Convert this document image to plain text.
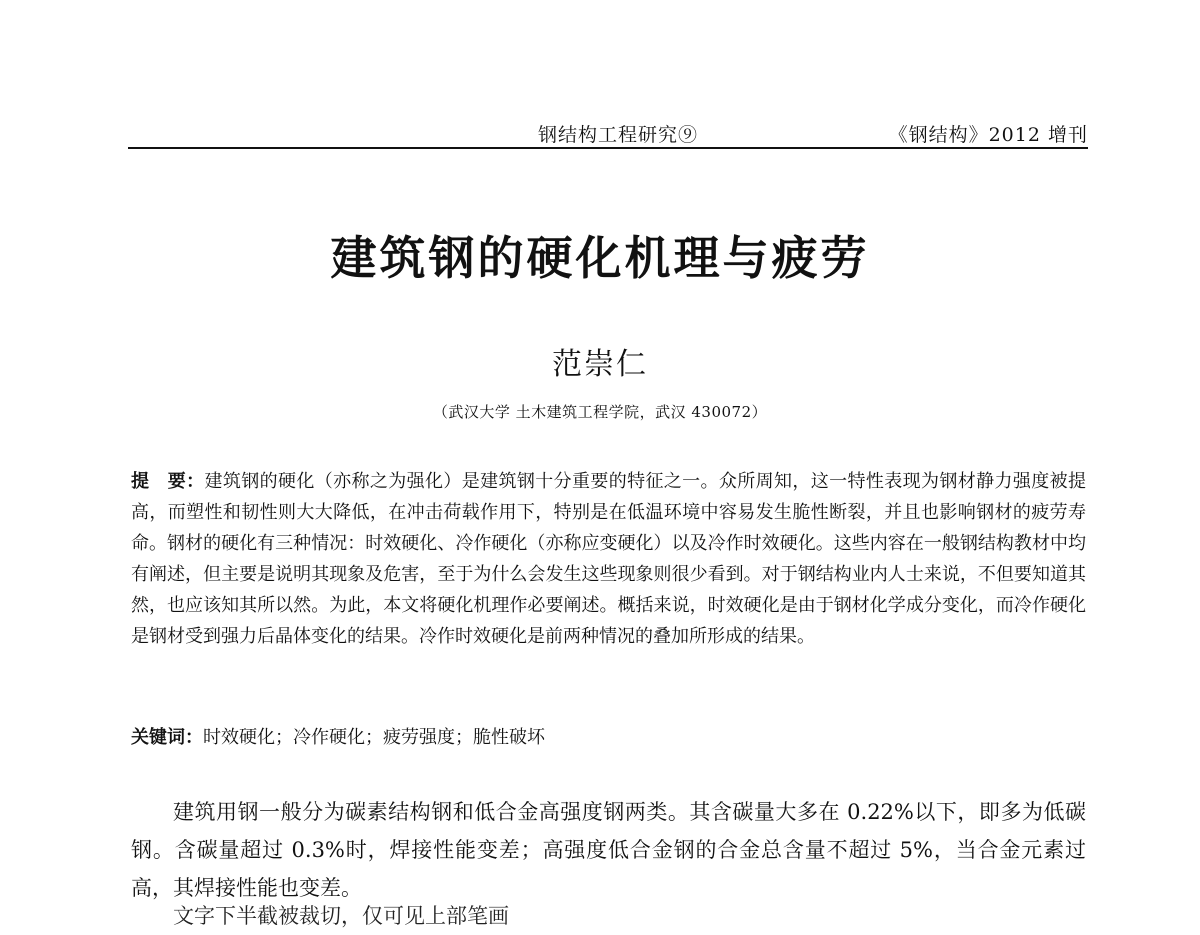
钢结构工程研究⑨	《钢结构》2012 增刊
建筑钢的硬化机理与疲劳
范崇仁
（武汉大学 土木建筑工程学院，武汉 430072）
提　要：建筑钢的硬化（亦称之为强化）是建筑钢十分重要的特征之一。众所周知，这一特性表现为钢材静力强度被提高，而塑性和韧性则大大降低，在冲击荷载作用下，特别是在低温环境中容易发生脆性断裂，并且也影响钢材的疲劳寿命。钢材的硬化有三种情况：时效硬化、冷作硬化（亦称应变硬化）以及冷作时效硬化。这些内容在一般钢结构教材中均有阐述，但主要是说明其现象及危害，至于为什么会发生这些现象则很少看到。对于钢结构业内人士来说，不但要知道其然，也应该知其所以然。为此，本文将硬化机理作必要阐述。概括来说，时效硬化是由于钢材化学成分变化，而冷作硬化是钢材受到强力后晶体变化的结果。冷作时效硬化是前两种情况的叠加所形成的结果。
关键词：时效硬化；冷作硬化；疲劳强度；脆性破坏
建筑用钢一般分为碳素结构钢和低合金高强度钢两类。其含碳量大多在 0.22%以下，即多为低碳钢。含碳量超过 0.3%时，焊接性能变差；高强度低合金钢的合金总含量不超过 5%，当合金元素过高，其焊接性能也变差。
文字下半截被裁切，仅可见上部笔画
